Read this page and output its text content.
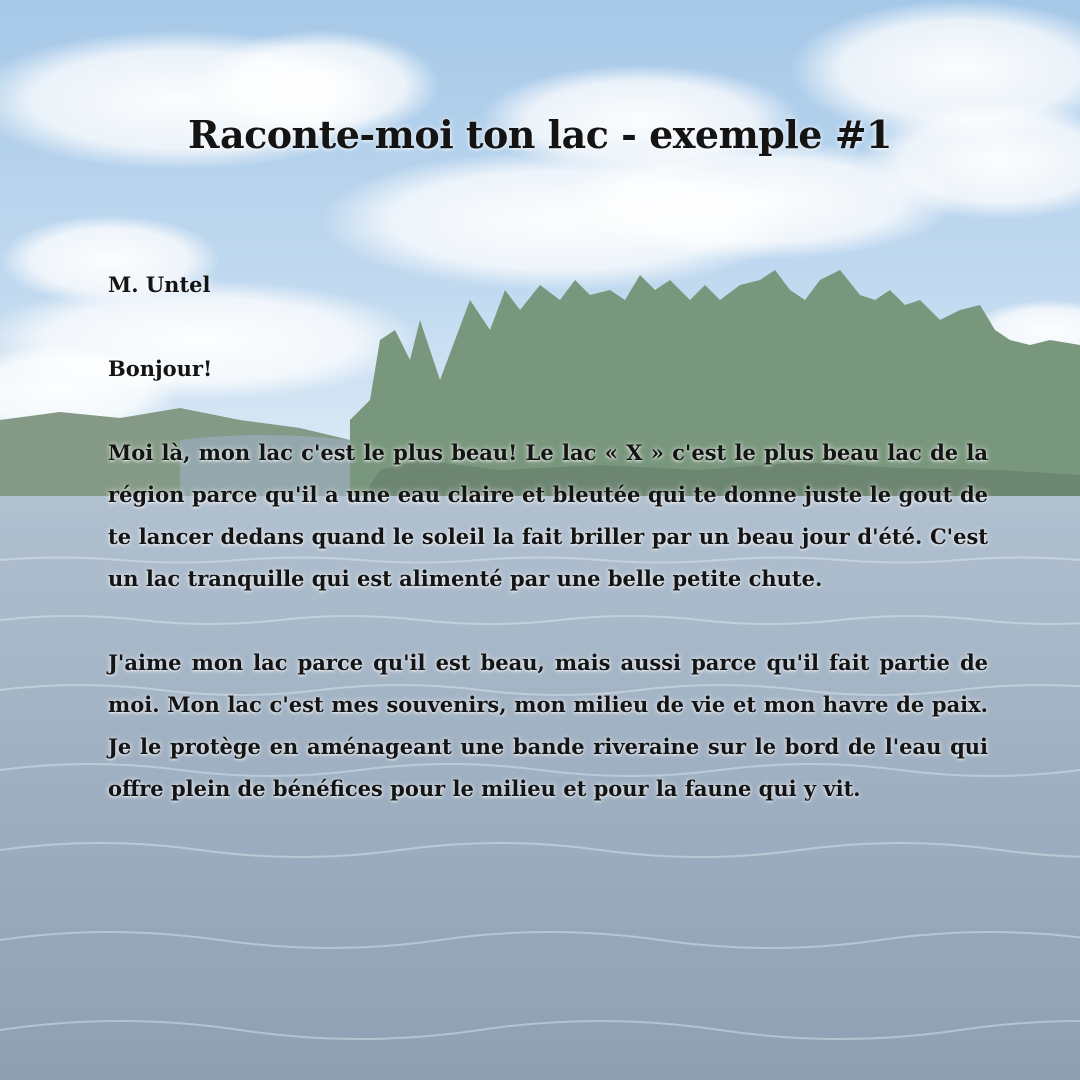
Raconte-moi ton lac - exemple #1

M. Untel

Bonjour!

Moi là, mon lac c'est le plus beau! Le lac « X » c'est le plus beau lac de la région parce qu'il a une eau claire et bleutée qui te donne juste le gout de te lancer dedans quand le soleil la fait briller par un beau jour d'été. C'est un lac tranquille qui est alimenté par une belle petite chute.

J'aime mon lac parce qu'il est beau, mais aussi parce qu'il fait partie de moi. Mon lac c'est mes souvenirs, mon milieu de vie et mon havre de paix. Je le protège en aménageant une bande riveraine sur le bord de l'eau qui offre plein de bénéfices pour le milieu et pour la faune qui y vit.
